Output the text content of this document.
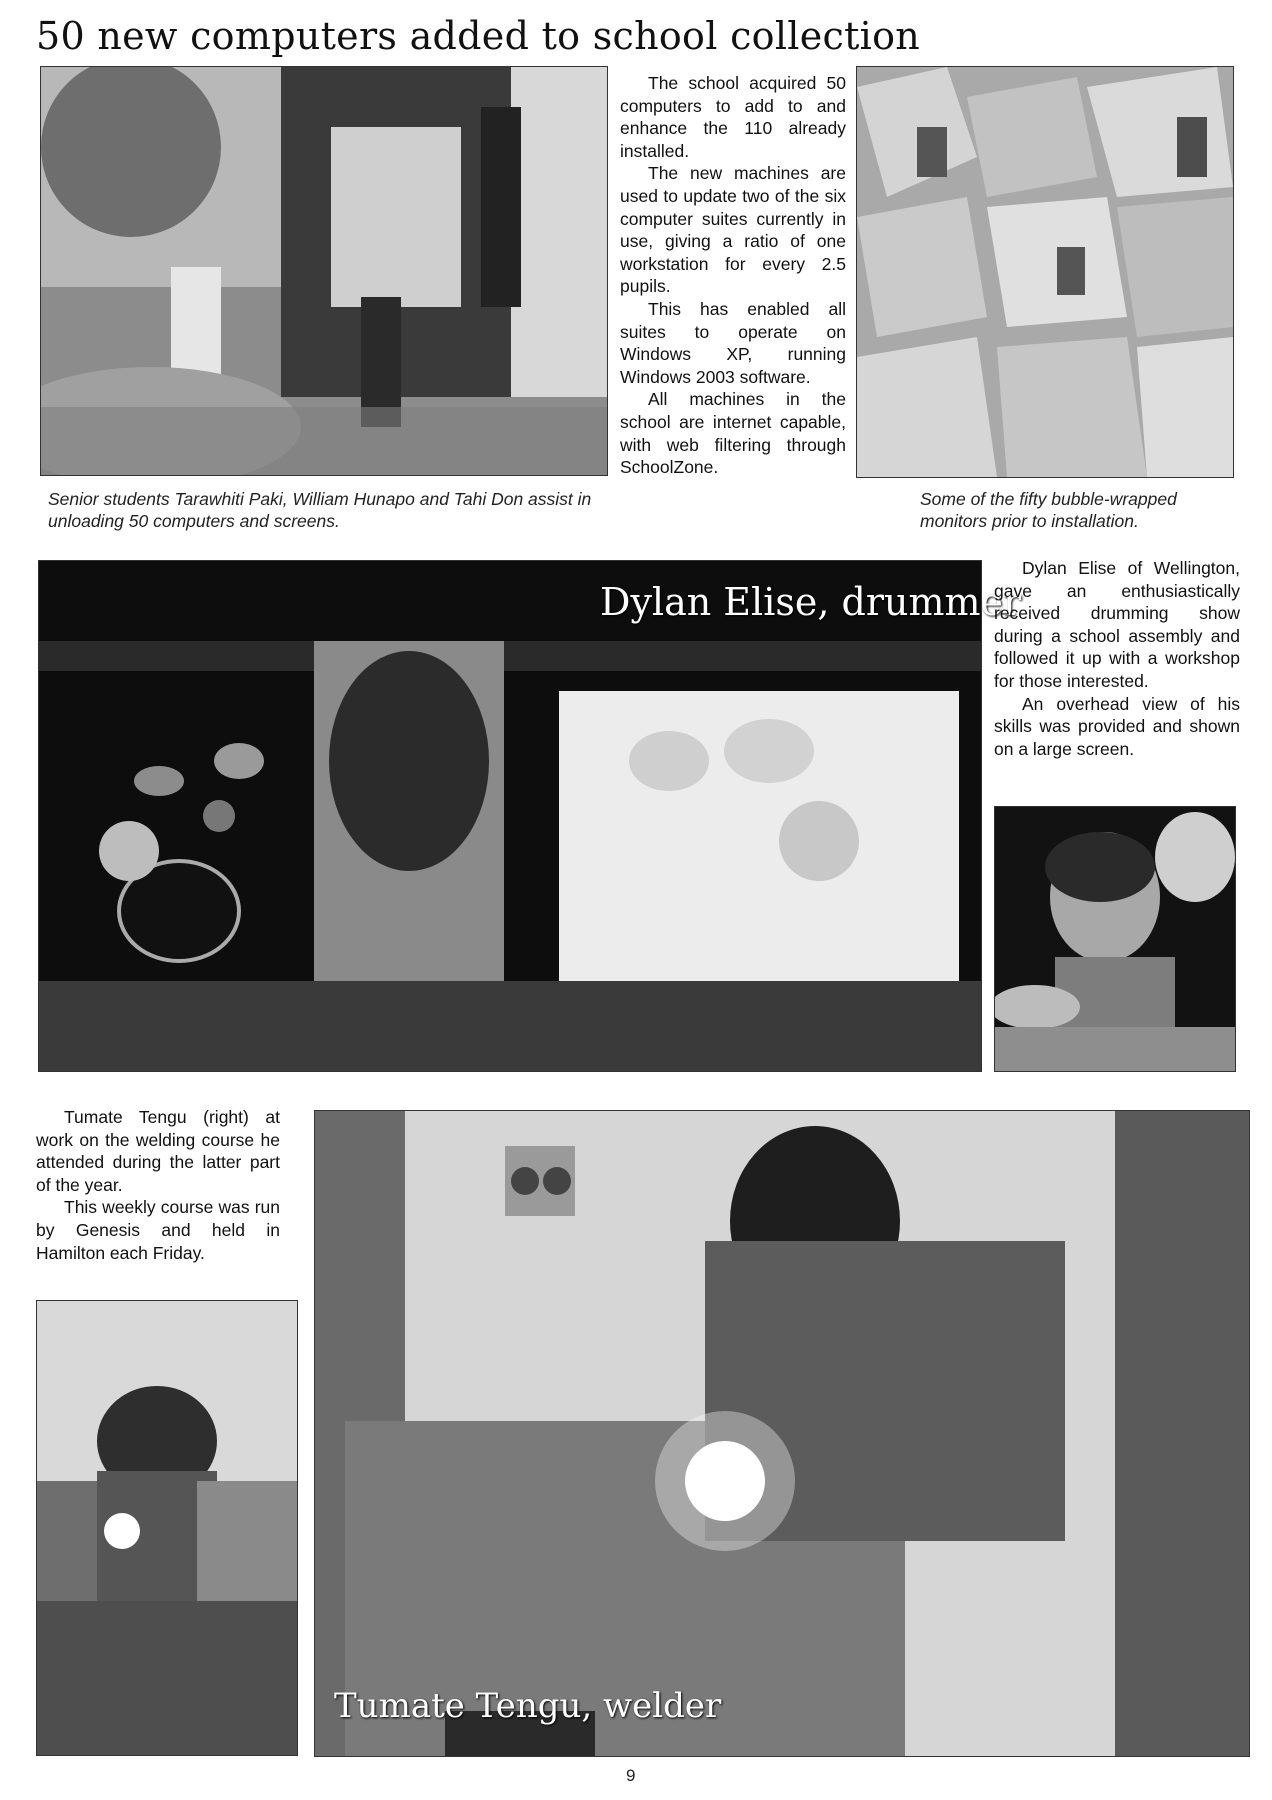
50 new computers added to school collection
Senior students Tarawhiti Paki, William Hunapo and Tahi Don assist in unloading 50 computers and screens.

The school acquired 50 computers to add to and enhance the 110 already installed.

The new machines are used to update two of the six computer suites currently in use, giving a ratio of one workstation for every 2.5 pupils.

This has enabled all suites to operate on Windows XP, running Windows 2003 software.

All machines in the school are internet capable, with web filtering through SchoolZone.

Some of the fifty bubble-wrapped monitors prior to installation.
Dylan Elise, drummer

Dylan Elise of Wellington, gave an enthusiastically received drumming show during a school assembly and followed it up with a workshop for those interested.

An overhead view of his skills was provided and shown on a large screen.

Tumate Tengu (right) at work on the welding course he attended during the latter part of the year.

This weekly course was run by Genesis and held in Hamilton each Friday.

Tumate Tengu, welder
9
